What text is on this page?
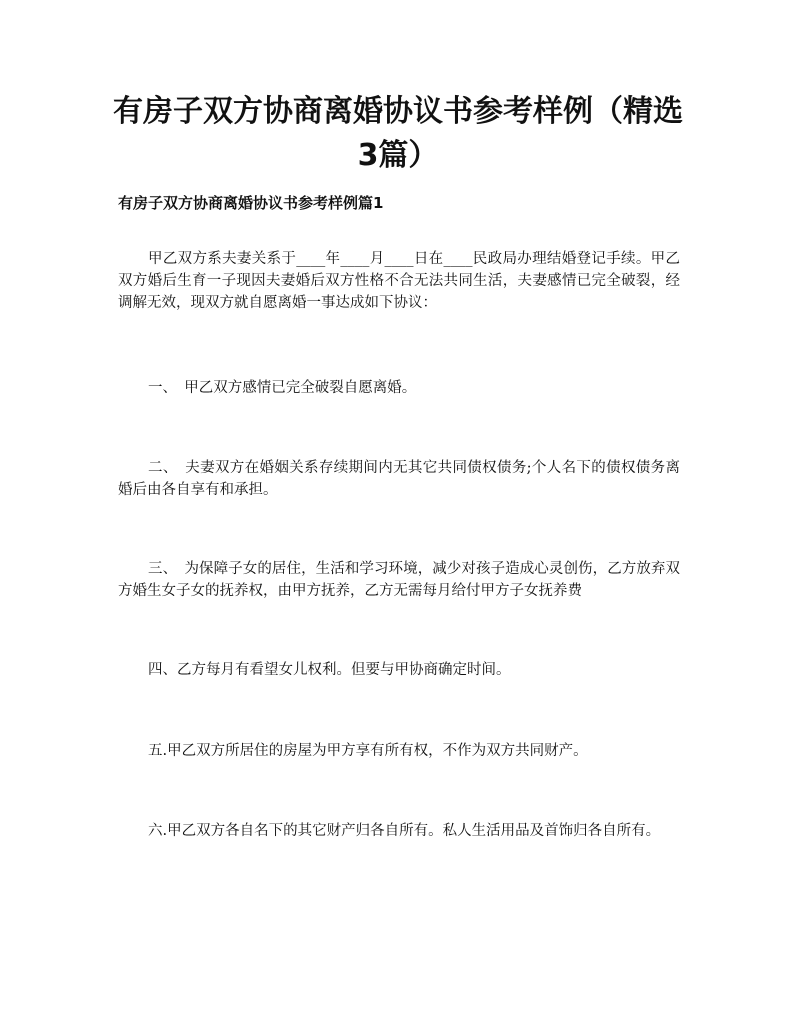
有房子双方协商离婚协议书参考样例（精选
3篇）
有房子双方协商离婚协议书参考样例篇1

甲乙双方系夫妻关系于____年____月____日在____民政局办理结婚登记手续。甲乙双方婚后生育一子现因夫妻婚后双方性格不合无法共同生活，夫妻感情已完全破裂，经调解无效，现双方就自愿离婚一事达成如下协议：

一、　甲乙双方感情已完全破裂自愿离婚。

二、　夫妻双方在婚姻关系存续期间内无其它共同债权债务;个人名下的债权债务离婚后由各自享有和承担。

三、　为保障子女的居住，生活和学习环境，减少对孩子造成心灵创伤，乙方放弃双方婚生女子女的抚养权，由甲方抚养，乙方无需每月给付甲方子女抚养费

四、乙方每月有看望女儿权利。但要与甲协商确定时间。

五.甲乙双方所居住的房屋为甲方享有所有权，不作为双方共同财产。

六.甲乙双方各自名下的其它财产归各自所有。私人生活用品及首饰归各自所有。
